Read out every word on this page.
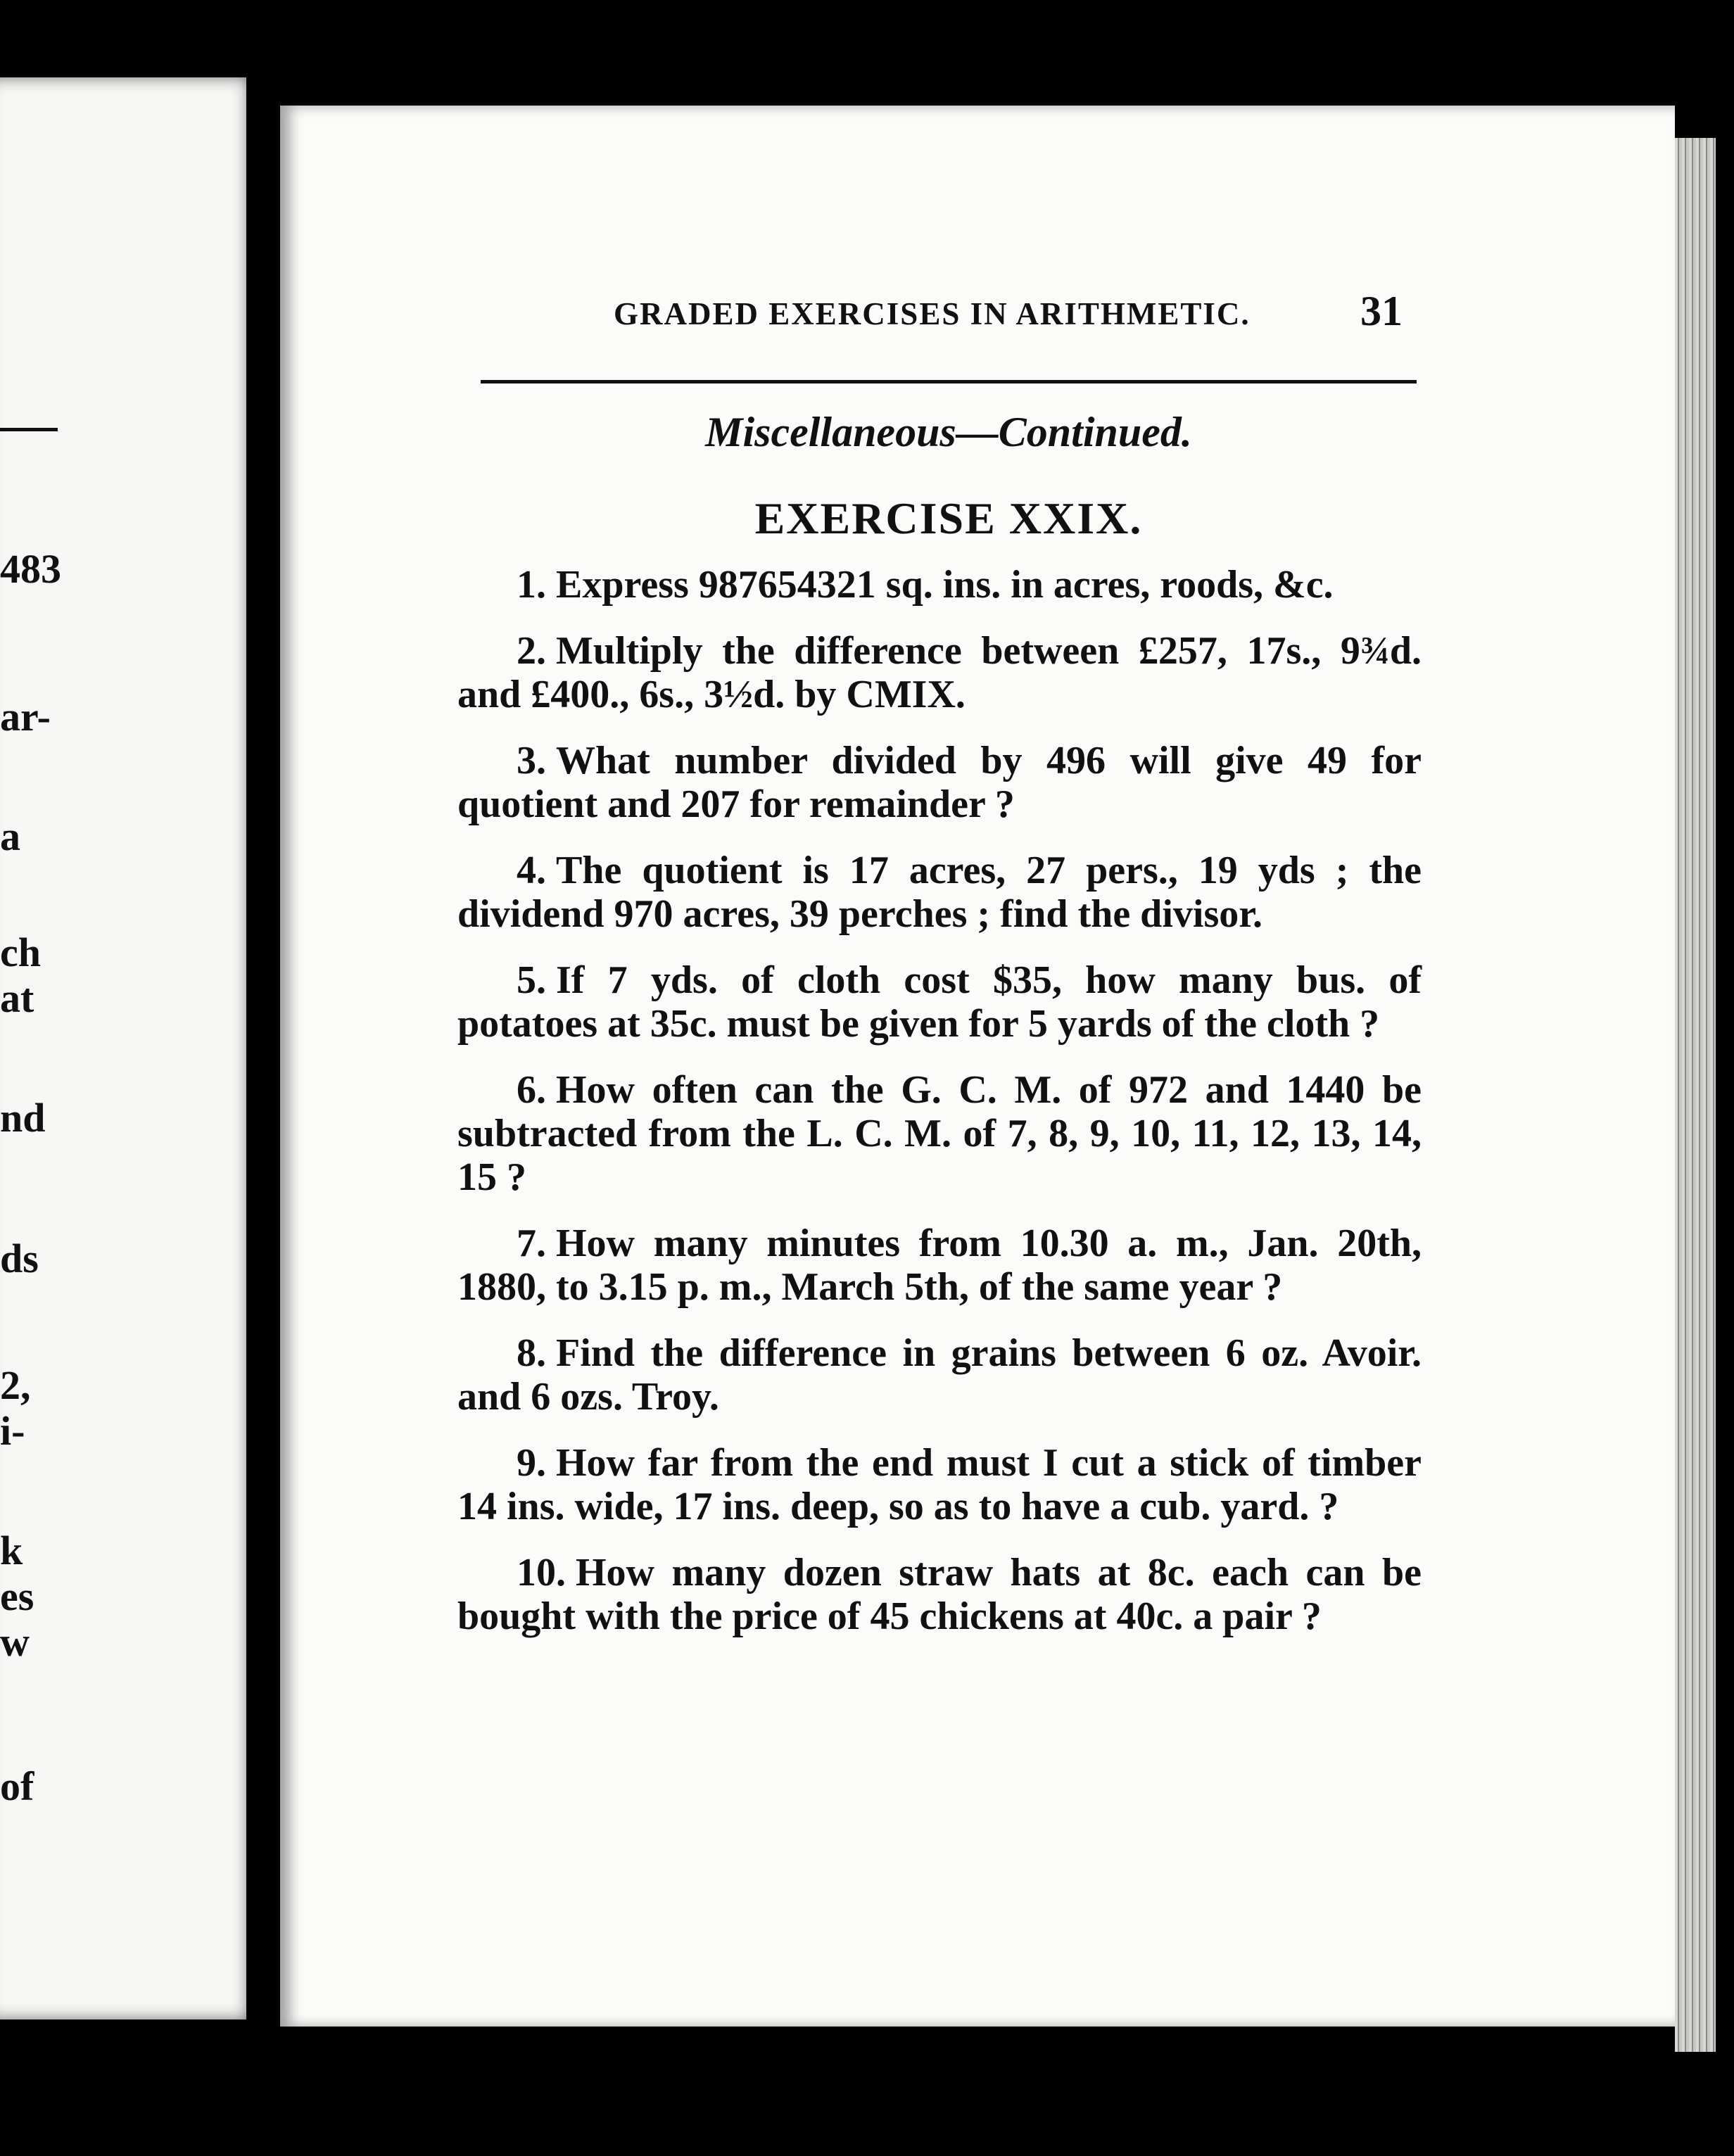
483
ar-
a
ch
at
nd
ds
2,
i-
k
es
w
of
GRADED EXERCISES IN ARITHMETIC.	31
Miscellaneous—Continued.
EXERCISE XXIX.

1. Express 987654321 sq. ins. in acres, roods, &c.

2. Multiply the difference between £257, 17s., 9¾d. and £400., 6s., 3½d. by CMIX.

3. What number divided by 496 will give 49 for quotient and 207 for remainder ?

4. The quotient is 17 acres, 27 pers., 19 yds ; the dividend 970 acres, 39 perches ; find the divisor.

5. If 7 yds. of cloth cost $35, how many bus. of potatoes at 35c. must be given for 5 yards of the cloth ?

6. How often can the G. C. M. of 972 and 1440 be subtracted from the L. C. M. of 7, 8, 9, 10, 11, 12, 13, 14, 15 ?

7. How many minutes from 10.30 a. m., Jan. 20th, 1880, to 3.15 p. m., March 5th, of the same year ?

8. Find the difference in grains between 6 oz. Avoir. and 6 ozs. Troy.

9. How far from the end must I cut a stick of timber 14 ins. wide, 17 ins. deep, so as to have a cub. yard. ?

10. How many dozen straw hats at 8c. each can be bought with the price of 45 chickens at 40c. a pair ?
